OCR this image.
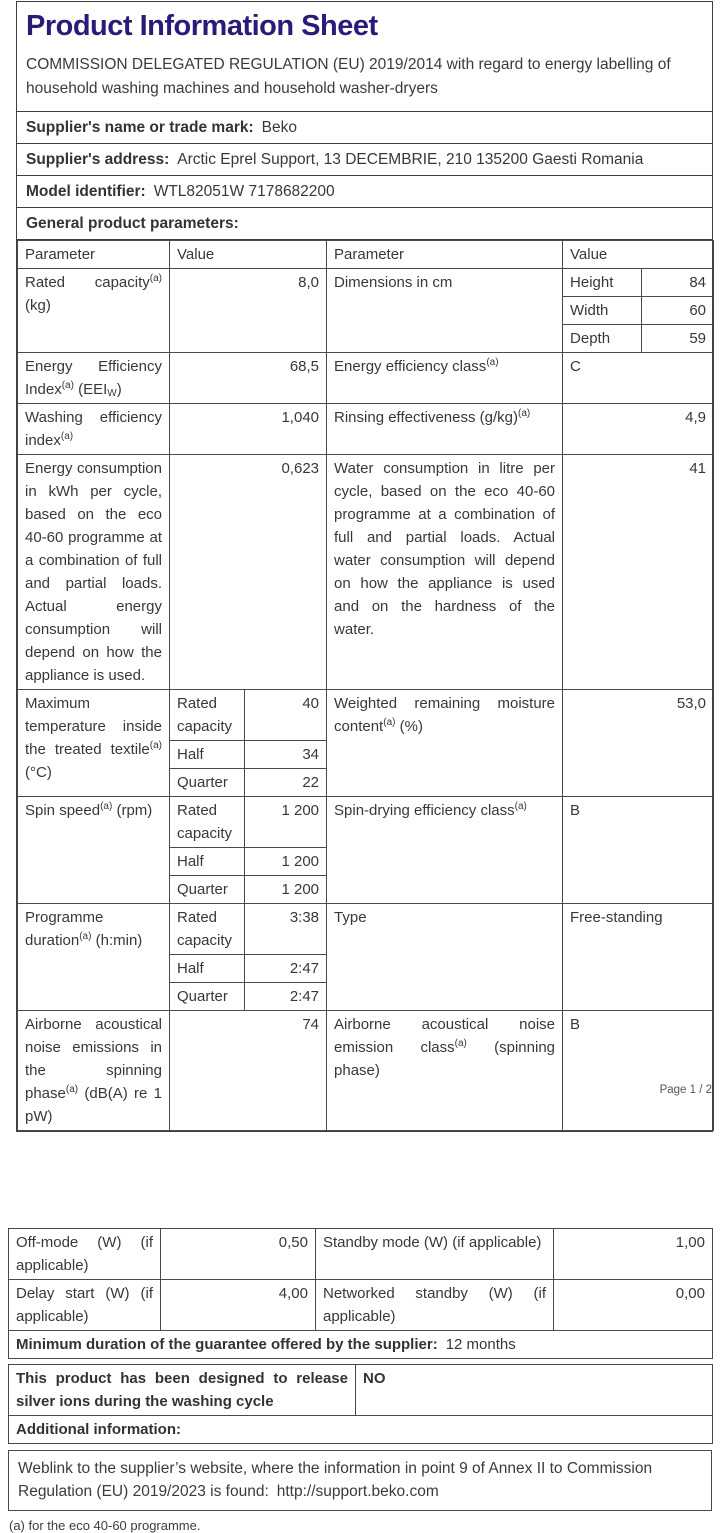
Product Information Sheet
COMMISSION DELEGATED REGULATION (EU) 2019/2014 with regard to energy labelling of household washing machines and household washer-dryers
Supplier's name or trade mark: Beko
Supplier's address: Arctic Eprel Support, 13 DECEMBRIE, 210 135200 Gaesti Romania
Model identifier: WTL82051W 7178682200
General product parameters:
Parameter	Value		Parameter	Value	
Rated capacity$^{(a)}$ (kg)	8,0		Dimensions in cm	Height	84
				Width	60
				Depth	59
Energy Efficiency Index$^{(a)}$ $(EEI_W)$	68,5		Energy efficiency class$^{(a)}$	C	
Washing efficiency index$^{(a)}$	1,040		Rinsing effectiveness $(g/kg)^{(a)}$	4,9	
Energy consumption in kWh per cycle, based on the eco 40-60 programme at a combination of full and partial loads. Actual energy consumption will depend on how the appliance is used.	0,623		Water consumption in litre per cycle, based on the eco 40-60 programme at a combination of full and partial loads. Actual water consumption will depend on how the appliance is used and on the hardness of the water.	41	
Maximum temperature inside the treated textile$^{(a)}$ (°C)	Rated capacity	40	Weighted remaining moisture content$^{(a)}$ (%)	53,0	
	Half	34			
	Quarter	22			
Spin speed$^{(a)}$ (rpm)	Rated capacity	1 200	Spin-drying efficiency class$^{(a)}$	B	
	Half	1 200			
	Quarter	1 200			
Programme duration$^{(a)}$ (h:min)	Rated capacity	3:38	Type	Free-standing	
	Half	2:47			
	Quarter	2:47			
Airborne acoustical noise emissions in the spinning phase$^{(a)}$ (dB(A) re 1 pW)	74		Airborne acoustical noise emission class$^{(a)}$ (spinning phase)	B	
Page 1 / 2
Off-mode (W) (if applicable)	0,50	Standby mode (W) (if applicable)	1,00
Delay start (W) (if applicable)	4,00	Networked standby (W) (if applicable)	0,00
Minimum duration of the guarantee offered by the supplier: 12 months			
This product has been designed to release silver ions during the washing cycle	NO
Additional information:
Weblink to the supplier’s website, where the information in point 9 of Annex II to Commission Regulation (EU) 2019/2023 is found: http://support.beko.com
(a) for the eco 40-60 programme.
